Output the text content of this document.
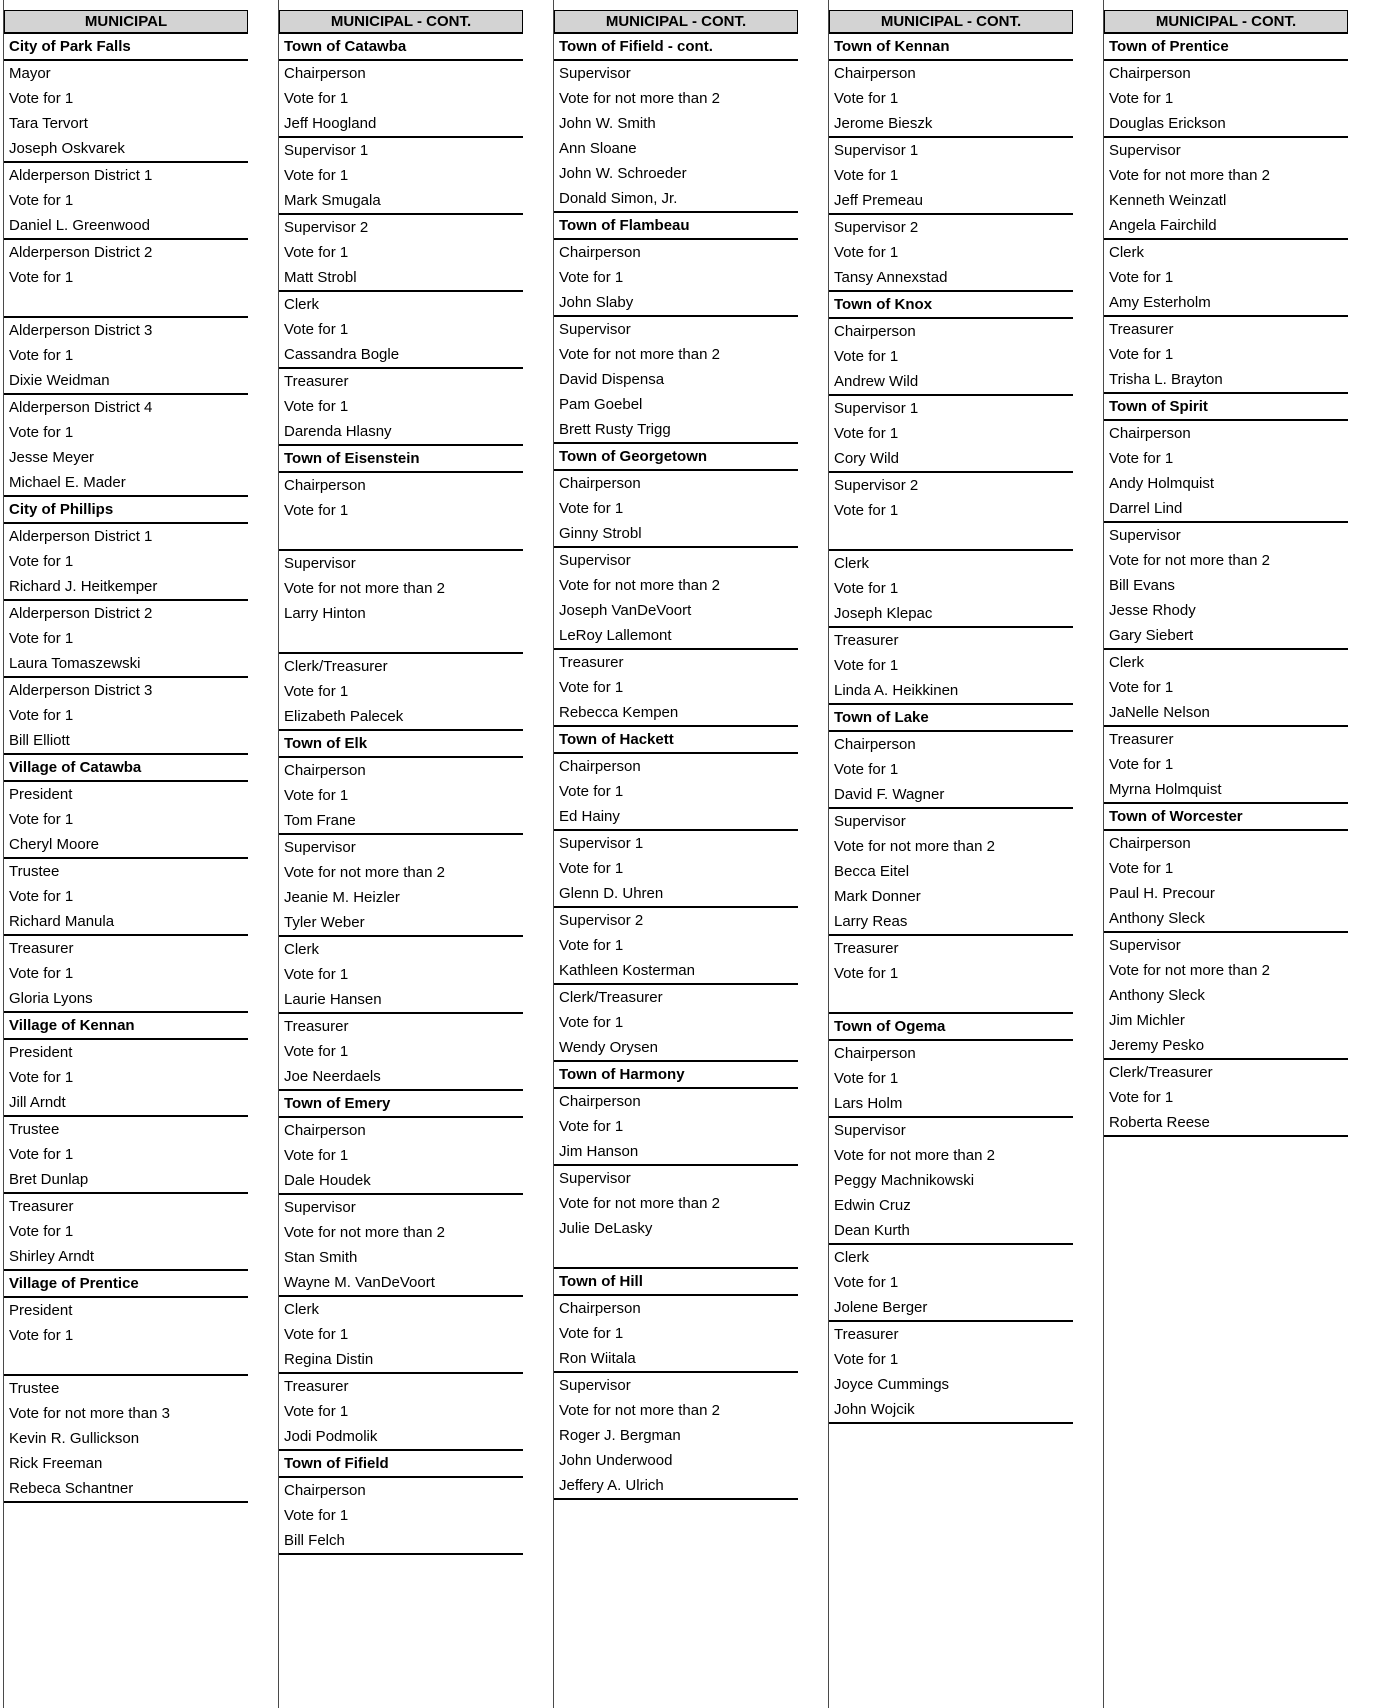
MUNICIPAL
City of Park Falls
Mayor
Vote for 1
Tara Tervort
Joseph Oskvarek
Alderperson District 1
Vote for 1
Daniel L. Greenwood
Alderperson District 2
Vote for 1
Alderperson District 3
Vote for 1
Dixie Weidman
Alderperson District 4
Vote for 1
Jesse Meyer
Michael E. Mader
City of Phillips
Alderperson District 1
Vote for 1
Richard J. Heitkemper
Alderperson District 2
Vote for 1
Laura Tomaszewski
Alderperson District 3
Vote for 1
Bill Elliott
Village of Catawba
President
Vote for 1
Cheryl Moore
Trustee
Vote for 1
Richard Manula
Treasurer
Vote for 1
Gloria Lyons
Village of Kennan
President
Vote for 1
Jill Arndt
Trustee
Vote for 1
Bret Dunlap
Treasurer
Vote for 1
Shirley Arndt
Village of Prentice
President
Vote for 1
Trustee
Vote for not more than 3
Kevin R. Gullickson
Rick Freeman
Rebeca Schantner
MUNICIPAL - CONT.
Town of Catawba
Chairperson
Vote for 1
Jeff Hoogland
Supervisor 1
Vote for 1
Mark Smugala
Supervisor 2
Vote for 1
Matt Strobl
Clerk
Vote for 1
Cassandra Bogle
Treasurer
Vote for 1
Darenda Hlasny
Town of Eisenstein
Chairperson
Vote for 1
Supervisor
Vote for not more than 2
Larry Hinton
Clerk/Treasurer
Vote for 1
Elizabeth Palecek
Town of Elk
Chairperson
Vote for 1
Tom Frane
Supervisor
Vote for not more than 2
Jeanie M. Heizler
Tyler Weber
Clerk
Vote for 1
Laurie Hansen
Treasurer
Vote for 1
Joe Neerdaels
Town of Emery
Chairperson
Vote for 1
Dale Houdek
Supervisor
Vote for not more than 2
Stan Smith
Wayne M. VanDeVoort
Clerk
Vote for 1
Regina Distin
Treasurer
Vote for 1
Jodi Podmolik
Town of Fifield
Chairperson
Vote for 1
Bill Felch
MUNICIPAL - CONT.
Town of Fifield - cont.
Supervisor
Vote for not more than 2
John W. Smith
Ann Sloane
John W. Schroeder
Donald Simon, Jr.
Town of Flambeau
Chairperson
Vote for 1
John Slaby
Supervisor
Vote for not more than 2
David Dispensa
Pam Goebel
Brett Rusty Trigg
Town of Georgetown
Chairperson
Vote for 1
Ginny Strobl
Supervisor
Vote for not more than 2
Joseph VanDeVoort
LeRoy Lallemont
Treasurer
Vote for 1
Rebecca Kempen
Town of Hackett
Chairperson
Vote for 1
Ed Hainy
Supervisor 1
Vote for 1
Glenn D. Uhren
Supervisor 2
Vote for 1
Kathleen Kosterman
Clerk/Treasurer
Vote for 1
Wendy Orysen
Town of Harmony
Chairperson
Vote for 1
Jim Hanson
Supervisor
Vote for not more than 2
Julie DeLasky
Town of Hill
Chairperson
Vote for 1
Ron Wiitala
Supervisor
Vote for not more than 2
Roger J. Bergman
John Underwood
Jeffery A. Ulrich
MUNICIPAL - CONT.
Town of Kennan
Chairperson
Vote for 1
Jerome Bieszk
Supervisor 1
Vote for 1
Jeff Premeau
Supervisor 2
Vote for 1
Tansy Annexstad
Town of Knox
Chairperson
Vote for 1
Andrew Wild
Supervisor 1
Vote for 1
Cory Wild
Supervisor 2
Vote for 1
Clerk
Vote for 1
Joseph Klepac
Treasurer
Vote for 1
Linda A. Heikkinen
Town of Lake
Chairperson
Vote for 1
David F. Wagner
Supervisor
Vote for not more than 2
Becca Eitel
Mark Donner
Larry Reas
Treasurer
Vote for 1
Town of Ogema
Chairperson
Vote for 1
Lars Holm
Supervisor
Vote for not more than 2
Peggy Machnikowski
Edwin Cruz
Dean Kurth
Clerk
Vote for 1
Jolene Berger
Treasurer
Vote for 1
Joyce Cummings
John Wojcik
MUNICIPAL - CONT.
Town of Prentice
Chairperson
Vote for 1
Douglas Erickson
Supervisor
Vote for not more than 2
Kenneth Weinzatl
Angela Fairchild
Clerk
Vote for 1
Amy Esterholm
Treasurer
Vote for 1
Trisha L. Brayton
Town of Spirit
Chairperson
Vote for 1
Andy Holmquist
Darrel Lind
Supervisor
Vote for not more than 2
Bill Evans
Jesse Rhody
Gary Siebert
Clerk
Vote for 1
JaNelle Nelson
Treasurer
Vote for 1
Myrna Holmquist
Town of Worcester
Chairperson
Vote for 1
Paul H. Precour
Anthony Sleck
Supervisor
Vote for not more than 2
Anthony Sleck
Jim Michler
Jeremy Pesko
Clerk/Treasurer
Vote for 1
Roberta Reese
